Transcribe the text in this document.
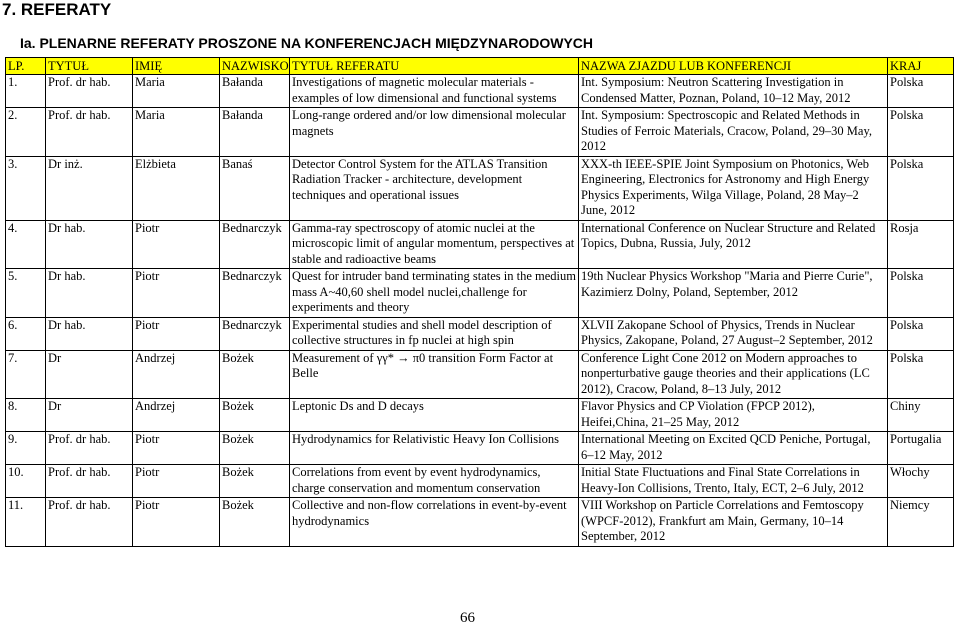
7. REFERATY
Ia. PLENARNE REFERATY PROSZONE NA KONFERENCJACH MIĘDZYNARODOWYCH
LP.	TYTUŁ	IMIĘ	NAZWISKO	TYTUŁ REFERATU	NAZWA ZJAZDU LUB KONFERENCJI	KRAJ
1.	Prof. dr hab.	Maria	Bałanda	Investigations of magnetic molecular materials - examples of low dimensional and functional systems	Int. Symposium: Neutron Scattering Investigation in Condensed Matter, Poznan, Poland, 10–12 May, 2012	Polska
2.	Prof. dr hab.	Maria	Bałanda	Long-range ordered and/or low dimensional molecular magnets	Int. Symposium: Spectroscopic and Related Methods in Studies of Ferroic Materials, Cracow, Poland, 29–30 May, 2012	Polska
3.	Dr inż.	Elżbieta	Banaś	Detector Control System for the ATLAS Transition Radiation Tracker - architecture, development techniques and operational issues	XXX-th IEEE-SPIE Joint Symposium on Photonics, Web Engineering, Electronics for Astronomy and High Energy Physics Experiments, Wilga Village, Poland, 28 May–2 June, 2012	Polska
4.	Dr hab.	Piotr	Bednarczyk	Gamma-ray spectroscopy of atomic nuclei at the microscopic limit of angular momentum, perspectives at stable and radioactive beams	International Conference on Nuclear Structure and Related Topics, Dubna, Russia, July, 2012	Rosja
5.	Dr hab.	Piotr	Bednarczyk	Quest for intruder band terminating states in the medium mass A~40,60 shell model nuclei,challenge for experiments and theory	19th Nuclear Physics Workshop "Maria and Pierre Curie", Kazimierz Dolny, Poland, September, 2012	Polska
6.	Dr hab.	Piotr	Bednarczyk	Experimental studies and shell model description of collective structures in fp nuclei at high spin	XLVII Zakopane School of Physics, Trends in Nuclear Physics, Zakopane, Poland, 27 August–2 September, 2012	Polska
7.	Dr	Andrzej	Bożek	Measurement of γγ* → π0 transition Form Factor at Belle	Conference Light Cone 2012 on Modern approaches to nonperturbative gauge theories and their applications (LC 2012), Cracow, Poland, 8–13 July, 2012	Polska
8.	Dr	Andrzej	Bożek	Leptonic Ds and D decays	Flavor Physics and CP Violation (FPCP 2012), Heifei,China, 21–25 May, 2012	Chiny
9.	Prof. dr hab.	Piotr	Bożek	Hydrodynamics for Relativistic Heavy Ion Collisions	International Meeting on Excited QCD Peniche, Portugal, 6–12 May, 2012	Portugalia
10.	Prof. dr hab.	Piotr	Bożek	Correlations from event by event hydrodynamics, charge conservation and momentum conservation	Initial State Fluctuations and Final State Correlations in Heavy-Ion Collisions, Trento, Italy, ECT, 2–6 July, 2012	Włochy
11.	Prof. dr hab.	Piotr	Bożek	Collective and non-flow correlations in event-by-event hydrodynamics	VIII Workshop on Particle Correlations and Femtoscopy (WPCF-2012), Frankfurt am Main, Germany, 10–14 September, 2012	Niemcy

66
